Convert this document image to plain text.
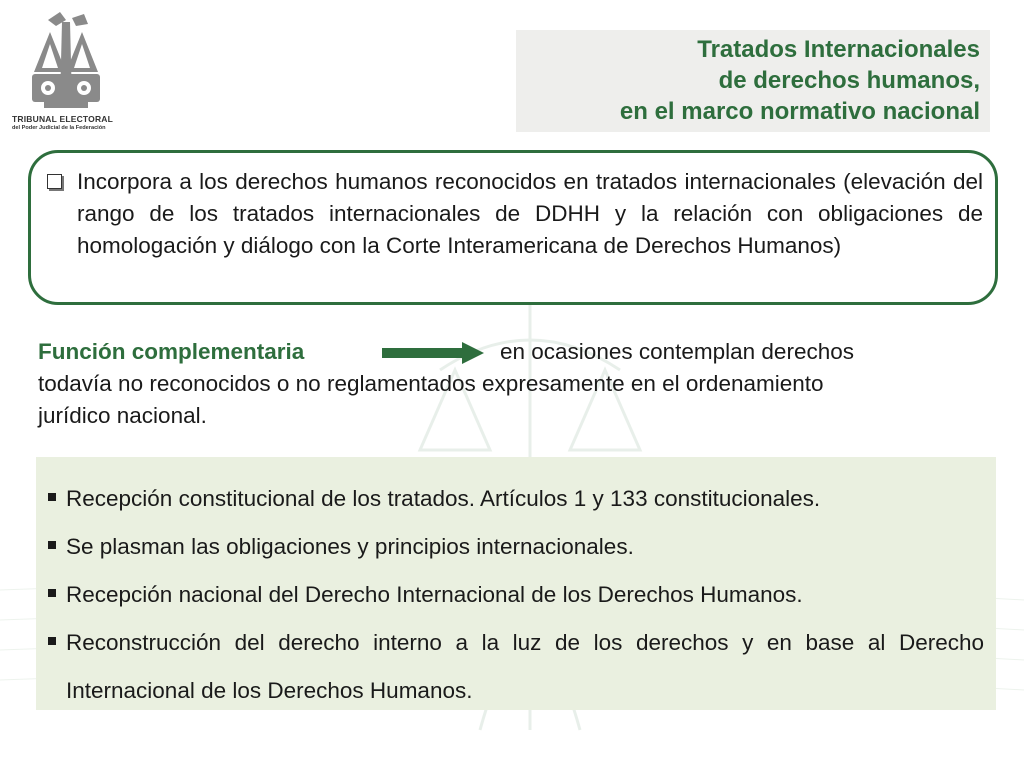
TRIBUNAL ELECTORAL
del Poder Judicial de la Federación
Tratados Internacionales
de derechos humanos,
en el marco normativo nacional
Incorpora a los derechos humanos reconocidos en tratados internacionales (elevación del rango de los tratados internacionales de DDHH y la relación con obligaciones de homologación y diálogo con la Corte Interamericana de Derechos Humanos)
Función complementaria	en ocasiones contemplan derechos
todavía no reconocidos o no reglamentados expresamente en el ordenamiento
jurídico nacional.
Recepción constitucional de los tratados. Artículos 1 y 133 constitucionales.
Se plasman las obligaciones y principios internacionales.
Recepción nacional del Derecho Internacional de los Derechos Humanos.
Reconstrucción del derecho interno a la luz de los derechos y en base al Derecho Internacional de los Derechos Humanos.
